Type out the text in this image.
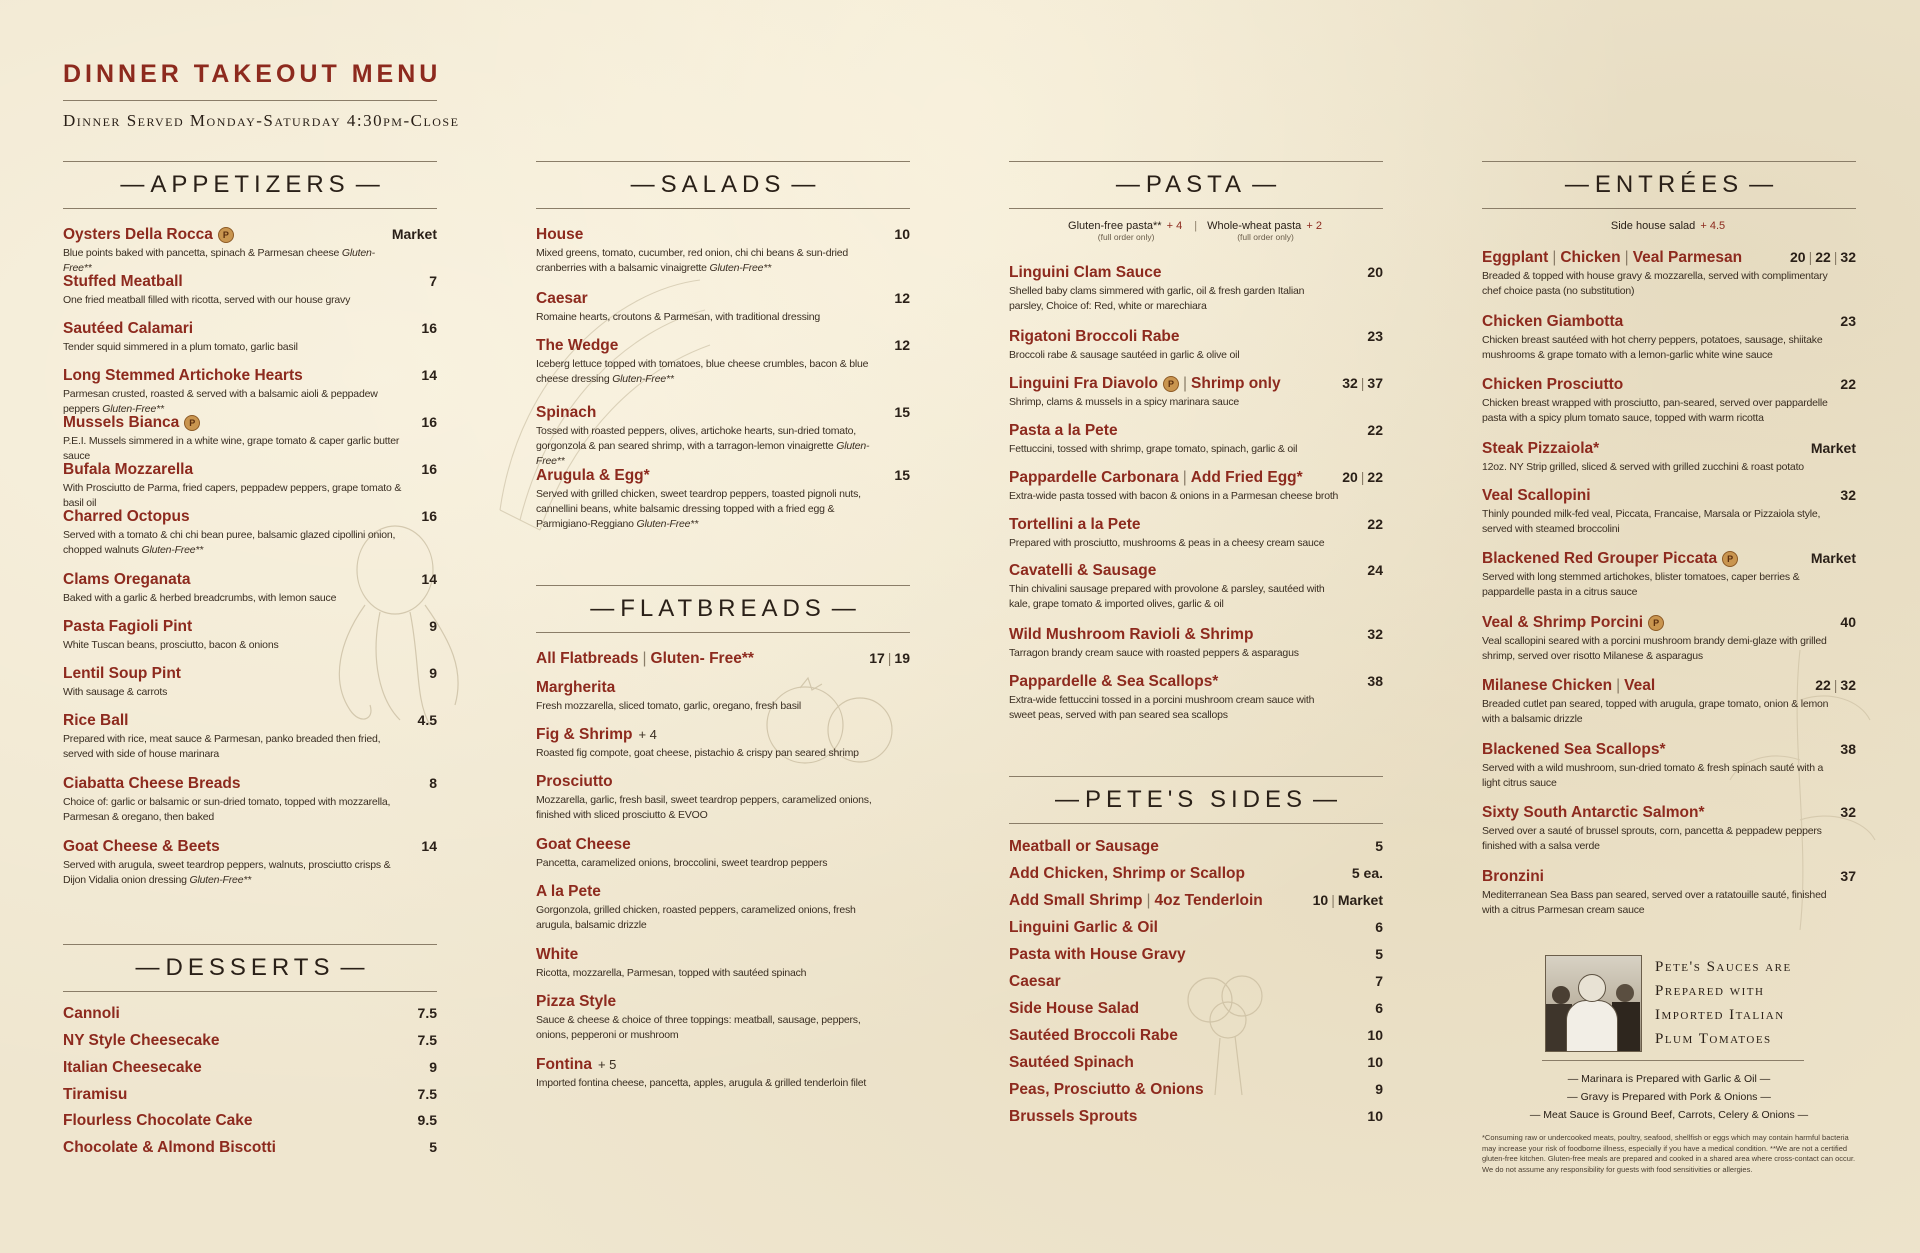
DINNER TAKEOUT MENU
Dinner Served Monday-Saturday 4:30pm-Close
— APPETIZERS —
Oysters Della Rocca P	Market
Blue points baked with pancetta, spinach & Parmesan cheese Gluten-Free**
Stuffed Meatball	7
One fried meatball filled with ricotta, served with our house gravy
Sautéed Calamari	16
Tender squid simmered in a plum tomato, garlic basil
Long Stemmed Artichoke Hearts	14
Parmesan crusted, roasted & served with a balsamic aioli & peppadew peppers Gluten-Free**
Mussels Bianca P	16
P.E.I. Mussels simmered in a white wine, grape tomato & caper garlic butter sauce
Bufala Mozzarella	16
With Prosciutto de Parma, fried capers, peppadew peppers, grape tomato & basil oil
Charred Octopus	16
Served with a tomato & chi chi bean puree, balsamic glazed cipollini onion, chopped walnuts Gluten-Free**
Clams Oreganata	14
Baked with a garlic & herbed breadcrumbs, with lemon sauce
Pasta Fagioli Pint	9
White Tuscan beans, prosciutto, bacon & onions
Lentil Soup Pint	9
With sausage & carrots
Rice Ball	4.5
Prepared with rice, meat sauce & Parmesan, panko breaded then fried, served with side of house marinara
Ciabatta Cheese Breads	8
Choice of: garlic or balsamic or sun-dried tomato, topped with mozzarella, Parmesan & oregano, then baked
Goat Cheese & Beets	14
Served with arugula, sweet teardrop peppers, walnuts, prosciutto crisps & Dijon Vidalia onion dressing Gluten-Free**
— DESSERTS —
Cannoli	7.5
NY Style Cheesecake	7.5
Italian Cheesecake	9
Tiramisu	7.5
Flourless Chocolate Cake	9.5
Chocolate & Almond Biscotti	5
— SALADS —
House	10
Mixed greens, tomato, cucumber, red onion, chi chi beans & sun-dried cranberries with a balsamic vinaigrette Gluten-Free**
Caesar	12
Romaine hearts, croutons & Parmesan, with traditional dressing
The Wedge	12
Iceberg lettuce topped with tomatoes, blue cheese crumbles, bacon & blue cheese dressing Gluten-Free**
Spinach	15
Tossed with roasted peppers, olives, artichoke hearts, sun-dried tomato, gorgonzola & pan seared shrimp, with a tarragon-lemon vinaigrette Gluten-Free**
Arugula & Egg*	15
Served with grilled chicken, sweet teardrop peppers, toasted pignoli nuts, cannellini beans, white balsamic dressing topped with a fried egg & Parmigiano-Reggiano Gluten-Free**
— FLATBREADS —
All Flatbreads | Gluten- Free**	17 | 19
Margherita
Fresh mozzarella, sliced tomato, garlic, oregano, fresh basil
Fig & Shrimp + 4
Roasted fig compote, goat cheese, pistachio & crispy pan seared shrimp
Prosciutto
Mozzarella, garlic, fresh basil, sweet teardrop peppers, caramelized onions, finished with sliced prosciutto & EVOO
Goat Cheese
Pancetta, caramelized onions, broccolini, sweet teardrop peppers
A la Pete
Gorgonzola, grilled chicken, roasted peppers, caramelized onions, fresh arugula, balsamic drizzle
White
Ricotta, mozzarella, Parmesan, topped with sautéed spinach
Pizza Style
Sauce & cheese & choice of three toppings: meatball, sausage, peppers, onions, pepperoni or mushroom
Fontina + 5
Imported fontina cheese, pancetta, apples, arugula & grilled tenderloin filet
— PASTA —
Gluten-free pasta** + 4
(full order only)
| Whole-wheat pasta + 2
(full order only)
Linguini Clam Sauce	20
Shelled baby clams simmered with garlic, oil & fresh garden Italian parsley, Choice of: Red, white or marechiara
Rigatoni Broccoli Rabe	23
Broccoli rabe & sausage sautéed in garlic & olive oil
Linguini Fra Diavolo P | Shrimp only	32 | 37
Shrimp, clams & mussels in a spicy marinara sauce
Pasta a la Pete	22
Fettuccini, tossed with shrimp, grape tomato, spinach, garlic & oil
Pappardelle Carbonara | Add Fried Egg*	20 | 22
Extra-wide pasta tossed with bacon & onions in a Parmesan cheese broth
Tortellini a la Pete	22
Prepared with prosciutto, mushrooms & peas in a cheesy cream sauce
Cavatelli & Sausage	24
Thin chivalini sausage prepared with provolone & parsley, sautéed with kale, grape tomato & imported olives, garlic & oil
Wild Mushroom Ravioli & Shrimp	32
Tarragon brandy cream sauce with roasted peppers & asparagus
Pappardelle & Sea Scallops*	38
Extra-wide fettuccini tossed in a porcini mushroom cream sauce with sweet peas, served with pan seared sea scallops
— PETE'S SIDES —
Meatball or Sausage	5
Add Chicken, Shrimp or Scallop	5 ea.
Add Small Shrimp | 4oz Tenderloin	10 | Market
Linguini Garlic & Oil	6
Pasta with House Gravy	5
Caesar	7
Side House Salad	6
Sautéed Broccoli Rabe	10
Sautéed Spinach	10
Peas, Prosciutto & Onions	9
Brussels Sprouts	10
— ENTRÉES —
Side house salad + 4.5
Eggplant | Chicken | Veal Parmesan	20 | 22 | 32
Breaded & topped with house gravy & mozzarella, served with complimentary chef choice pasta (no substitution)
Chicken Giambotta	23
Chicken breast sautéed with hot cherry peppers, potatoes, sausage, shiitake mushrooms & grape tomato with a lemon-garlic white wine sauce
Chicken Prosciutto	22
Chicken breast wrapped with prosciutto, pan-seared, served over pappardelle pasta with a spicy plum tomato sauce, topped with warm ricotta
Steak Pizzaiola*	Market
12oz. NY Strip grilled, sliced & served with grilled zucchini & roast potato
Veal Scallopini	32
Thinly pounded milk-fed veal, Piccata, Francaise, Marsala or Pizzaiola style, served with steamed broccolini
Blackened Red Grouper Piccata P	Market
Served with long stemmed artichokes, blister tomatoes, caper berries & pappardelle pasta in a citrus sauce
Veal & Shrimp Porcini P	40
Veal scallopini seared with a porcini mushroom brandy demi-glaze with grilled shrimp, served over risotto Milanese & asparagus
Milanese Chicken | Veal	22 | 32
Breaded cutlet pan seared, topped with arugula, grape tomato, onion & lemon with a balsamic drizzle
Blackened Sea Scallops*	38
Served with a wild mushroom, sun-dried tomato & fresh spinach sauté with a light citrus sauce
Sixty South Antarctic Salmon*	32
Served over a sauté of brussel sprouts, corn, pancetta & peppadew peppers finished with a salsa verde
Bronzini	37
Mediterranean Sea Bass pan seared, served over a ratatouille sauté, finished with a citrus Parmesan cream sauce
Pete's Sauces are
Prepared with
Imported Italian
Plum Tomatoes
— Marinara is Prepared with Garlic & Oil —
— Gravy is Prepared with Pork & Onions —
— Meat Sauce is Ground Beef, Carrots, Celery & Onions —
*Consuming raw or undercooked meats, poultry, seafood, shellfish or eggs which may contain harmful bacteria may increase your risk of foodborne illness, especially if you have a medical condition. **We are not a certified gluten-free kitchen. Gluten-free meals are prepared and cooked in a shared area where cross-contact can occur. We do not assume any responsibility for guests with food sensitivities or allergies.
